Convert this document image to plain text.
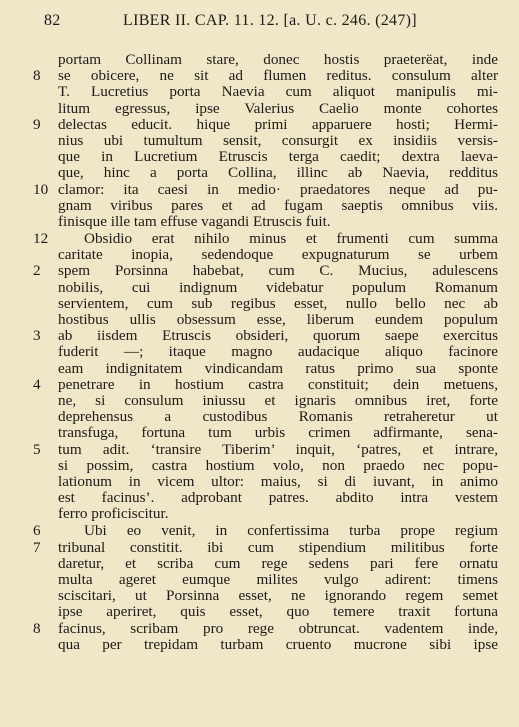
82	LIBER II. CAP. 11. 12. [a. U. c. 246. (247)]
portam Collinam stare, donec hostis praeterëat, inde
8	se obicere, ne sit ad flumen reditus. consulum alter
T. Lucretius porta Naevia cum aliquot manipulis mi-
litum egressus, ipse Valerius Caelio monte cohortes
9	delectas educit. hique primi apparuere hosti; Hermi-
nius ubi tumultum sensit, consurgit ex insidiis versis-
que in Lucretium Etruscis terga caedit; dextra laeva-
que, hinc a porta Collina, illinc ab Naevia, redditus
10 clamor: ita caesi in medio· praedatores neque ad pu-
gnam viribus pares et ad fugam saeptis omnibus viis.
finisque ille tam effuse vagandi Etruscis fuit.
12	Obsidio erat nihilo minus et frumenti cum summa
caritate inopia, sedendoque expugnaturum se urbem
2	spem Porsinna habebat, cum C. Mucius, adulescens
nobilis, cui indignum videbatur populum Romanum
servientem, cum sub regibus esset, nullo bello nec ab
hostibus ullis obsessum esse, liberum eundem populum
3	ab iisdem Etruscis obsideri, quorum saepe exercitus
fuderit —; itaque magno audacique aliquo facinore
eam indignitatem vindicandam ratus primo sua sponte
4	penetrare in hostium castra constituit; dein metuens,
ne, si consulum iniussu et ignaris omnibus iret, forte
deprehensus a custodibus Romanis retraheretur ut
transfuga, fortuna tum urbis crimen adfirmante, sena-
5	tum adit. ‘transire Tiberim’ inquit, ‘patres, et intrare,
si possim, castra hostium volo, non praedo nec popu-
lationum in vicem ultor: maius, si di iuvant, in animo
est facinus’. adprobant patres. abdito intra vestem
ferro proficiscitur.
6	Ubi eo venit, in confertissima turba prope regium
7	tribunal constitit. ibi cum stipendium militibus forte
daretur, et scriba cum rege sedens pari fere ornatu
multa ageret eumque milites vulgo adirent: timens
sciscitari, ut Porsinna esset, ne ignorando regem semet
ipse aperiret, quis esset, quo temere traxit fortuna
8	facinus, scribam pro rege obtruncat. vadentem inde,
qua per trepidam turbam cruento mucrone sibi ipse
